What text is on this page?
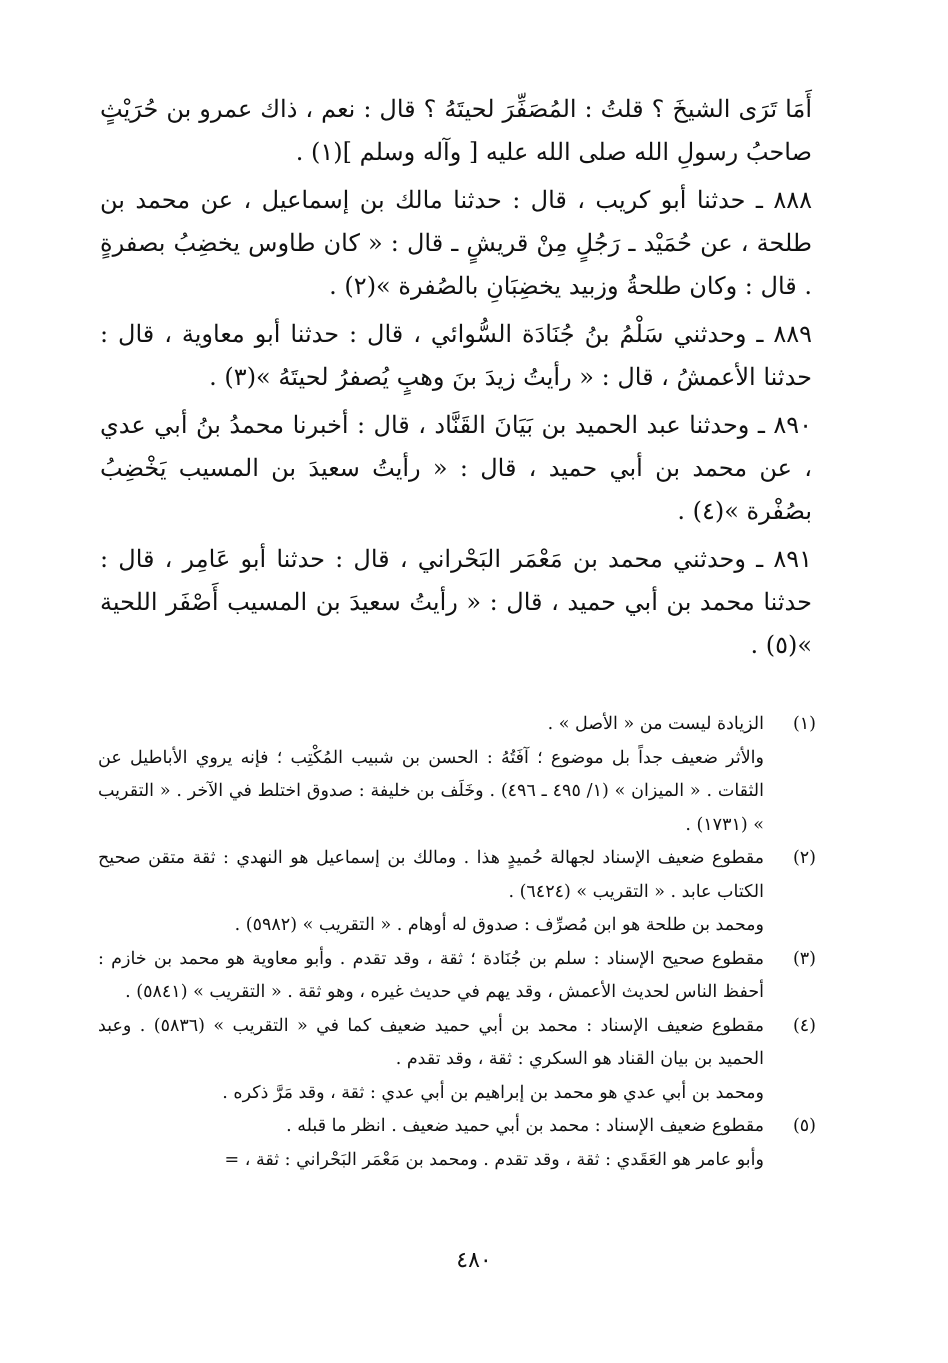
أَمَا تَرَى الشيخَ ؟ قلتُ : المُصَفِّرَ لحيتَهُ ؟ قال : نعم ، ذاك عمرو بن حُرَيْثٍ صاحبُ رسولِ الله صلى الله عليه [ وآله وسلم ](١) .

٨٨٨ ـ حدثنا أبو كريب ، قال : حدثنا مالك بن إسماعيل ، عن محمد بن طلحة ، عن حُمَيْد ـ رَجُلٍ مِنْ قريشٍ ـ قال : « كان طاوس يخضِبُ بصفرةٍ . قال : وكان طلحةُ وزبيد يخضِبَانِ بالصُفرة »(٢) .

٨٨٩ ـ وحدثني سَلْمُ بنُ جُنَادَة السُّوائي ، قال : حدثنا أبو معاوية ، قال : حدثنا الأعمشُ ، قال : « رأيتُ زيدَ بنَ وهبٍ يُصفرُ لحيتَهُ »(٣) .

٨٩٠ ـ وحدثنا عبد الحميد بن بَيَانَ القَنَّاد ، قال : أخبرنا محمدُ بنُ أبي عدي ، عن محمد بن أبي حميد ، قال : « رأيتُ سعيدَ بن المسيب يَخْضِبُ بصُفْرة »(٤) .

٨٩١ ـ وحدثني محمد بن مَعْمَر البَحْراني ، قال : حدثنا أبو عَامِر ، قال : حدثنا محمد بن أبي حميد ، قال : « رأيتُ سعيدَ بن المسيب أَصْفَر اللحية »(٥) .

(١)

الزيادة ليست من « الأصل » .

والأثر ضعيف جداً بل موضوع ؛ آفَتُهُ : الحسن بن شبيب المُكْتِب ؛ فإنه يروي الأباطيل عن الثقات . « الميزان » (١/ ٤٩٥ ـ ٤٩٦) . وخَلَف بن خليفة : صدوق اختلط في الآخر . « التقريب » (١٧٣١) .

(٢)

مقطوع ضعيف الإسناد لجهالة حُميدٍ هذا . ومالك بن إسماعيل هو النهدي : ثقة متقن صحيح الكتاب عابد . « التقريب » (٦٤٢٤) .

ومحمد بن طلحة هو ابن مُصرِّف : صدوق له أوهام . « التقريب » (٥٩٨٢) .

(٣)

مقطوع صحيح الإسناد : سلم بن جُنَادة ؛ ثقة ، وقد تقدم . وأبو معاوية هو محمد بن خازم : أحفظ الناس لحديث الأعمش ، وقد يهم في حديث غيره ، وهو ثقة . « التقريب » (٥٨٤١) .

(٤)

مقطوع ضعيف الإسناد : محمد بن أبي حميد ضعيف كما في « التقريب » (٥٨٣٦) . وعبد الحميد بن بيان القناد هو السكري : ثقة ، وقد تقدم .

ومحمد بن أبي عدي هو محمد بن إبراهيم بن أبي عدي : ثقة ، وقد مَرَّ ذكره .

(٥)

مقطوع ضعيف الإسناد : محمد بن أبي حميد ضعيف . انظر ما قبله .

وأبو عامر هو العَقَدي : ثقة ، وقد تقدم . ومحمد بن مَعْمَر البَحْراني : ثقة ، =

٤٨٠
